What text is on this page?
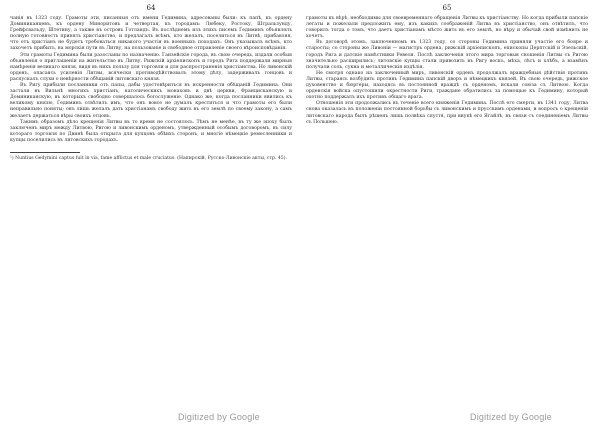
64

чанія въ 1323 году. Грамоты эти, писанныя отъ имени Гедимина, адресованы были: къ папѣ, къ ордену Доминиканцевъ, къ ордену Миноритовъ и четвертая, къ городамъ: Любеку, Ростоку, Штральзунду, Грейфсвальду, Штетину, а также въ островъ Готландъ. Въ послѣднемъ изъ этихъ писемъ Гедиминъ объявлялъ полную готовность принять христіанство, и предлагалъ всѣмъ, кто желалъ, поселиться въ Литвѣ, прибавляя, что отъ христіанъ не будетъ требоваться никакого участія въ военныхъ походахъ. Онъ указывалъ всѣмъ, кто захочетъ прибыть, на морскія пути въ Литву, на пользованіе и свободное отправленіе своего вѣроисповѣданія.

Эти грамоты Гедимина были разосланы по назначенію. Ганзейскіе города, въ свою очередь, издали особыя объявленія о приглашеніи на жительство въ Литву. Рижскій архіепископъ и городъ Рига поддержали мирныя намѣренія великаго князя, видя въ нихъ пользу для торговли и для распространенія христіанства. Но ливонскій орденъ, опасаясь усиленія Литвы, всячески противодѣйствовалъ этому дѣлу, задерживалъ гонцовъ и распускалъ слухи о невѣрности обѣщаній литовскаго князя.

Въ Ригу прибыли посланники отъ папы, дабы удостовѣриться въ искренности обѣщаній Гедимина. Они застали въ Вильнѣ многихъ христіанъ, католическихъ монаховъ и двѣ церкви, Францисканскую и Доминиканскую, въ которыхъ свободно совершалось богослуженіе. Однако же, когда посланники явились къ великому князю, Гедиминъ отвѣтилъ имъ, что онъ вовсе не думалъ креститься и что грамоты его были неправильно поняты; онъ лишь желалъ дать христіанамъ свободу жить въ его землѣ по своему закону, а самъ желаетъ держаться вѣры своихъ отцовъ.

Такимъ образомъ дѣло крещенія Литвы въ то время не состоялось. Тѣмъ не менѣе, въ ту же эпоху былъ заключенъ миръ между Литвою, Ригою и ливонскимъ орденомъ, утвержденный особымъ договоромъ, въ силу котораго торговля по Двинѣ была открыта для купцовъ обѣихъ сторонъ, и многіе нѣмецкіе ремесленники и купцы поселились въ литовскихъ городахъ.

¹) Nuntius Gedymini captus fuit in via, fame afflictus et male cruciatus. (Напирскій, Русско-Ливонскіе акты, стр. 45).

Digitized by Google
65

грамоты къ вѣрѣ, необходимы для своевременнаго обращенія Литвы къ христіанству. Но когда прибыли папскіе легаты и пожелали предложить ему, изъ какихъ соображеній Литва въ христіанство, онъ отвѣтилъ, что говорилъ тогда о томъ, что даетъ христіанамъ мѣсто жить въ его землѣ, но вѣру и обычай свой измѣнить не хочетъ.

Въ договорѣ этомъ, заключенномъ въ 1323 году, со стороны Гедимина приняли участіе его бояре и старосты; со стороны же Ливоніи — магистръ ордена, рижскій архіепископъ, епископы Дерптскій и Эзельскій, городъ Рига и датскіе намѣстники Ревеля. Послѣ заключенія этого мира торговыя сношенія Литвы съ Ригою значительно расширились; литовскіе купцы стали привозить въ Ригу воскъ, мѣха, лѣсъ и хлѣбъ, а взамѣнъ получали соль, сукна и металлическія издѣлія.

Не смотря однако на заключенный миръ, ливонскій орденъ продолжалъ враждебныя дѣйствія противъ Литвы, стараясь возбудить противъ Гедимина папскій дворъ и нѣмецкихъ князей. Въ свою очередь, рижское духовенство и бюргеры, находясь въ постоянной враждѣ съ орденомъ, искали союза съ Литвою. Когда орденскія войска опустошили окрестности Риги, граждане обратились за помощью къ Гедимину, который охотно поддержалъ ихъ противъ общаго врага.

Отношенія эти продолжались въ теченіе всего княженія Гедимина. Послѣ его смерти, въ 1341 году, Литва снова оказалась въ положеніи постоянной борьбы съ ливонскимъ и прусскимъ орденами, и вопросъ о крещеніи литовскаго народа былъ рѣшенъ лишь полвѣка спустя, при внукѣ его Ягайлѣ, въ связи съ соединеніемъ Литвы съ Польшею.

Digitized by Google
